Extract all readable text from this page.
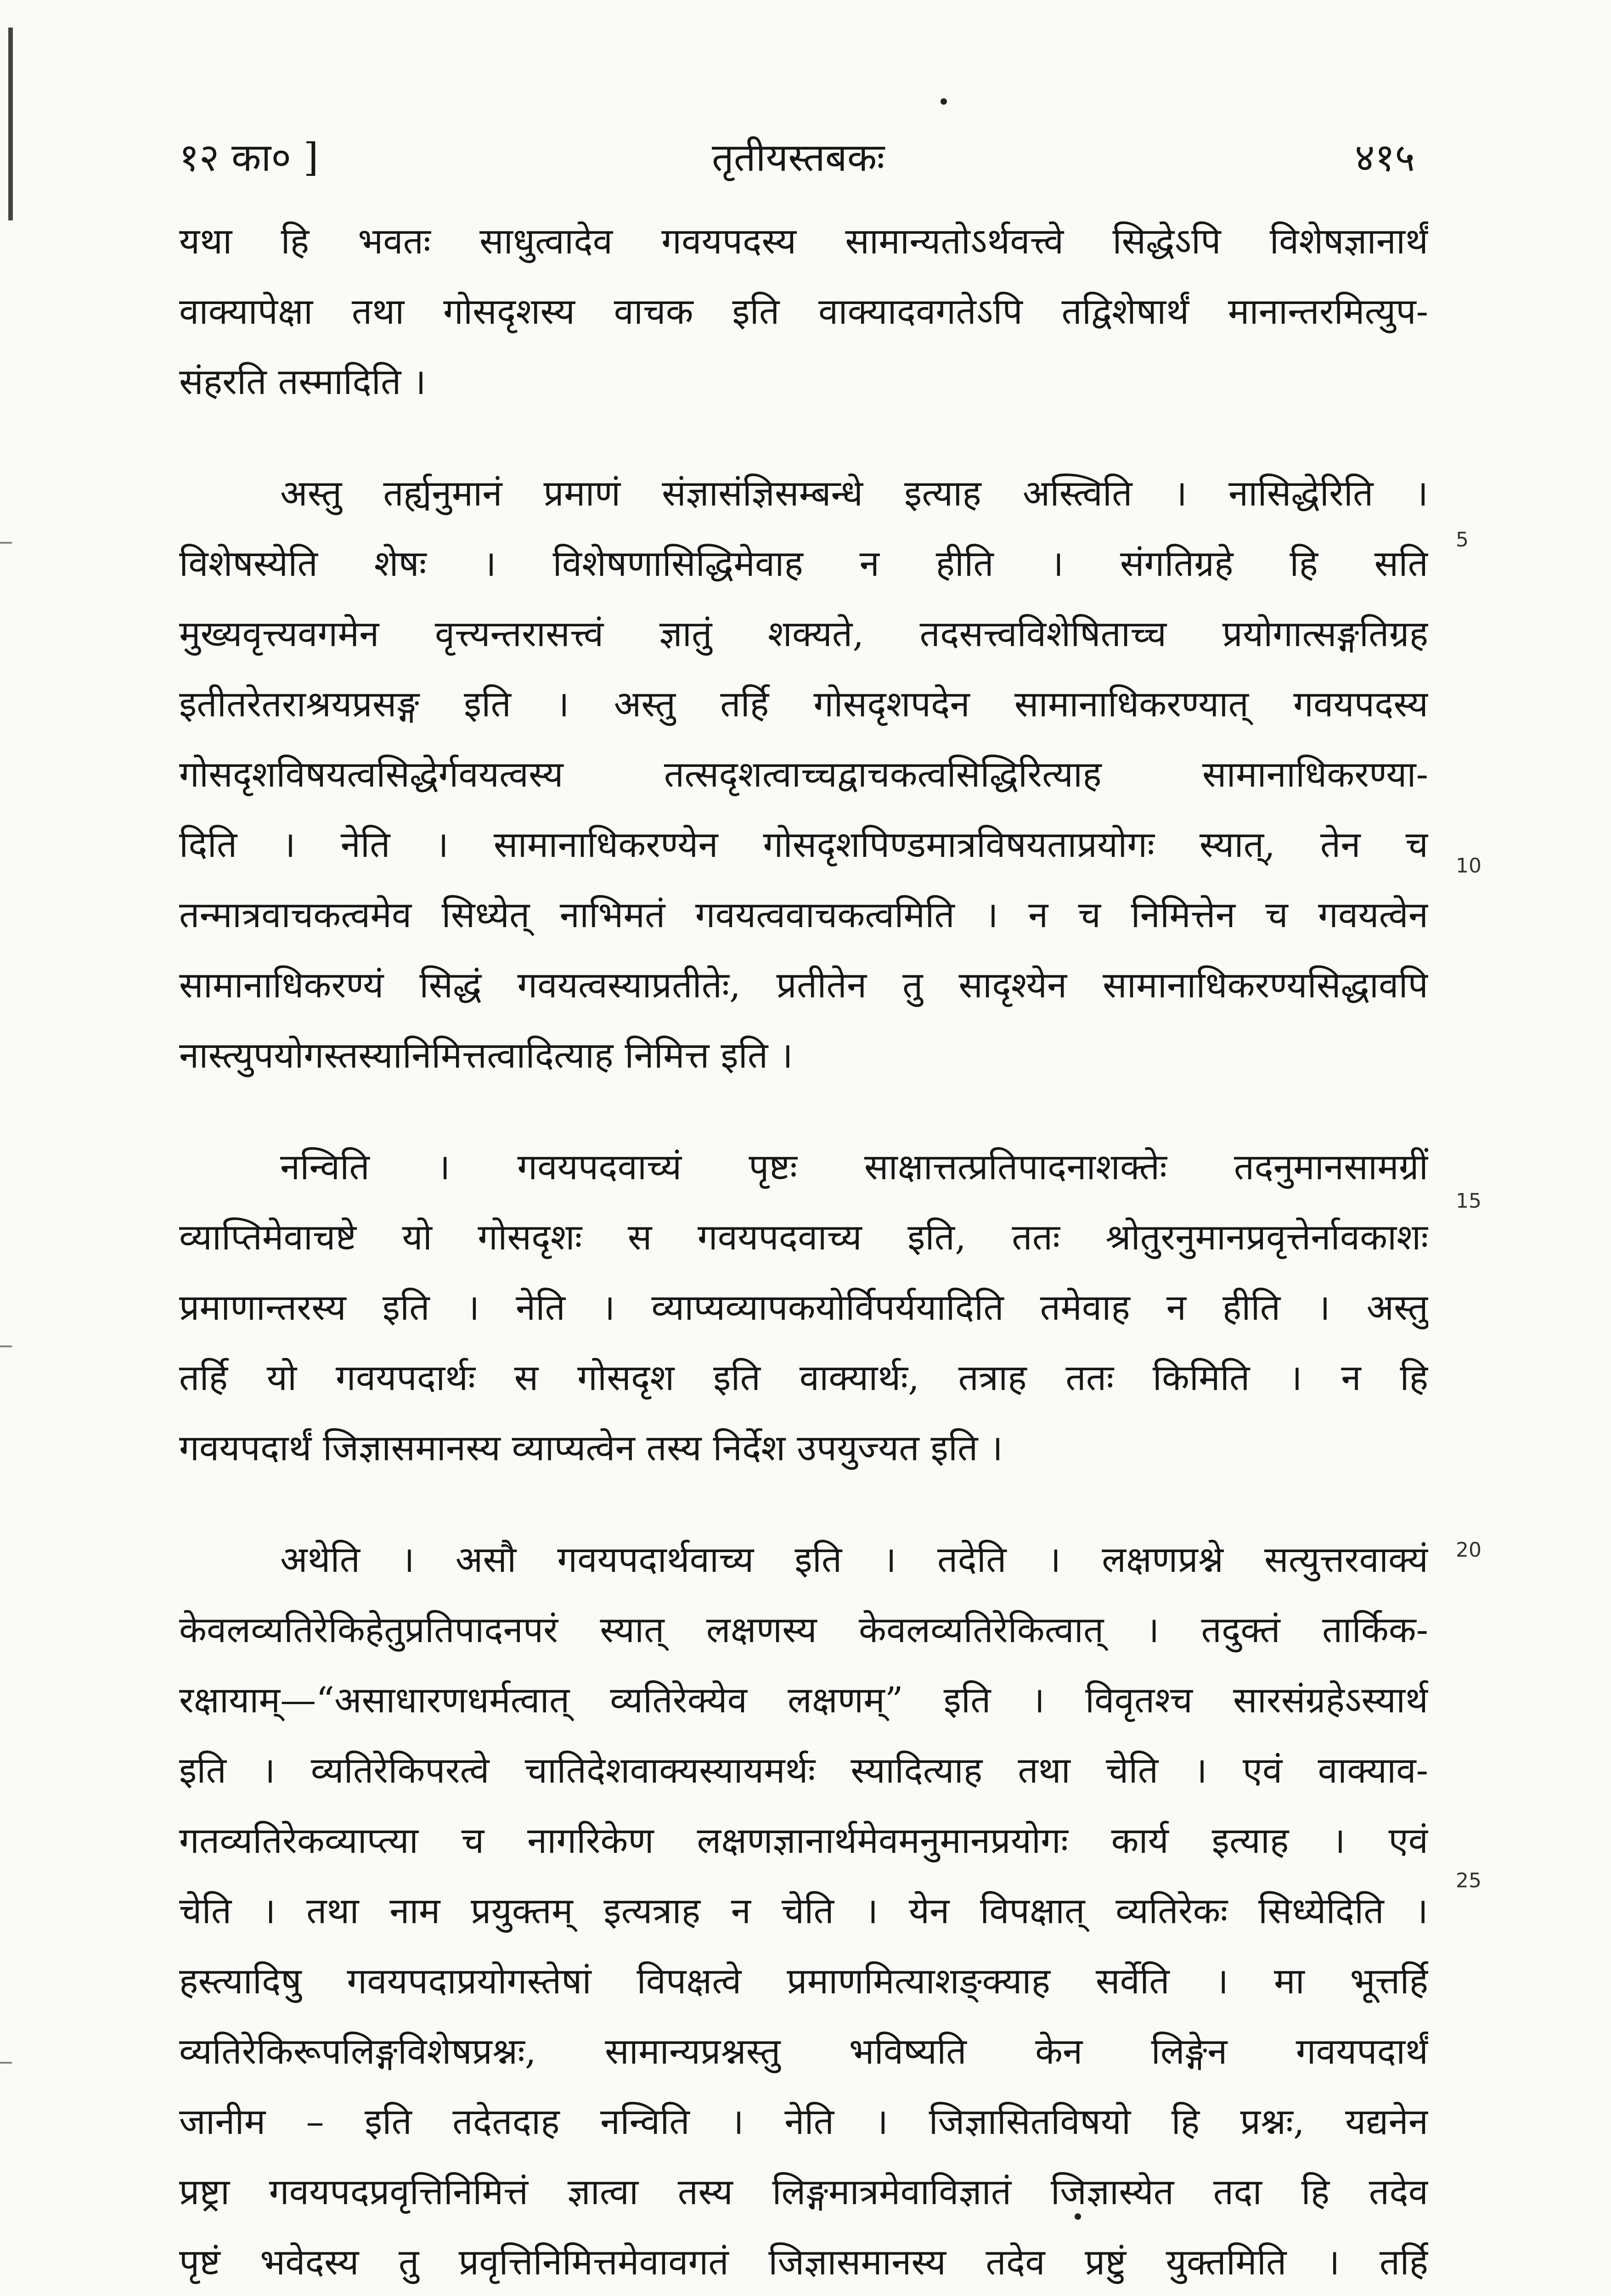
१२ का० ]	तृतीयस्तबकः	४१५
यथा हि भवतः साधुत्वादेव गवयपदस्य सामान्यतोऽर्थवत्त्वे सिद्धेऽपि विशेषज्ञानार्थं
वाक्यापेक्षा तथा गोसदृशस्य वाचक इति वाक्यादवगतेऽपि तद्विशेषार्थं मानान्तरमित्युप-
संहरति तस्मादिति ।
अस्तु तर्ह्यनुमानं प्रमाणं संज्ञासंज्ञिसम्बन्धे इत्याह अस्त्विति । नासिद्धेरिति ।
विशेषस्येति शेषः । विशेषणासिद्धिमेवाह न हीति । संगतिग्रहे हि सति
मुख्यवृत्त्यवगमेन वृत्त्यन्तरासत्त्वं ज्ञातुं शक्यते, तदसत्त्वविशेषिताच्च प्रयोगात्सङ्गतिग्रह
इतीतरेतराश्रयप्रसङ्ग इति । अस्तु तर्हि गोसदृशपदेन सामानाधिकरण्यात् गवयपदस्य
गोसदृशविषयत्वसिद्धेर्गवयत्वस्य तत्सदृशत्वाच्चद्वाचकत्वसिद्धिरित्याह सामानाधिकरण्या-
दिति । नेति । सामानाधिकरण्येन गोसदृशपिण्डमात्रविषयताप्रयोगः स्यात्, तेन च
तन्मात्रवाचकत्वमेव सिध्येत् नाभिमतं गवयत्ववाचकत्वमिति । न च निमित्तेन च गवयत्वेन
सामानाधिकरण्यं सिद्धं गवयत्वस्याप्रतीतेः, प्रतीतेन तु सादृश्येन सामानाधिकरण्यसिद्धावपि
नास्त्युपयोगस्तस्यानिमित्तत्वादित्याह निमित्त इति ।
नन्विति । गवयपदवाच्यं पृष्टः साक्षात्तत्प्रतिपादनाशक्तेः तदनुमानसामग्रीं
व्याप्तिमेवाचष्टे यो गोसदृशः स गवयपदवाच्य इति, ततः श्रोतुरनुमानप्रवृत्तेर्नावकाशः
प्रमाणान्तरस्य इति । नेति । व्याप्यव्यापकयोर्विपर्ययादिति तमेवाह न हीति । अस्तु
तर्हि यो गवयपदार्थः स गोसदृश इति वाक्यार्थः, तत्राह ततः किमिति । न हि
गवयपदार्थं जिज्ञासमानस्य व्याप्यत्वेन तस्य निर्देश उपयुज्यत इति ।
अथेति । असौ गवयपदार्थवाच्य इति । तदेति । लक्षणप्रश्ने सत्युत्तरवाक्यं
केवलव्यतिरेकिहेतुप्रतिपादनपरं स्यात् लक्षणस्य केवलव्यतिरेकित्वात् । तदुक्तं तार्किक-
रक्षायाम्—“असाधारणधर्मत्वात् व्यतिरेक्येव लक्षणम्” इति । विवृतश्च सारसंग्रहेऽस्यार्थ
इति । व्यतिरेकिपरत्वे चातिदेशवाक्यस्यायमर्थः स्यादित्याह तथा चेति । एवं वाक्याव-
गतव्यतिरेकव्याप्त्या च नागरिकेण लक्षणज्ञानार्थमेवमनुमानप्रयोगः कार्य इत्याह । एवं
चेति । तथा नाम प्रयुक्तम् इत्यत्राह न चेति । येन विपक्षात् व्यतिरेकः सिध्येदिति ।
हस्त्यादिषु गवयपदाप्रयोगस्तेषां विपक्षत्वे प्रमाणमित्याशङ्क्याह सर्वेति । मा भूत्तर्हि
व्यतिरेकिरूपलिङ्गविशेषप्रश्नः, सामान्यप्रश्नस्तु भविष्यति केन लिङ्गेन गवयपदार्थं
जानीम – इति तदेतदाह नन्विति । नेति । जिज्ञासितविषयो हि प्रश्नः, यद्यनेन
प्रष्ट्रा गवयपदप्रवृत्तिनिमित्तं ज्ञात्वा तस्य लिङ्गमात्रमेवाविज्ञातं जिज्ञास्येत तदा हि तदेव
पृष्टं भवेदस्य तु प्रवृत्तिनिमित्तमेवावगतं जिज्ञासमानस्य तदेव प्रष्टुं युक्तमिति । तर्हि
5
10
15
20
25
